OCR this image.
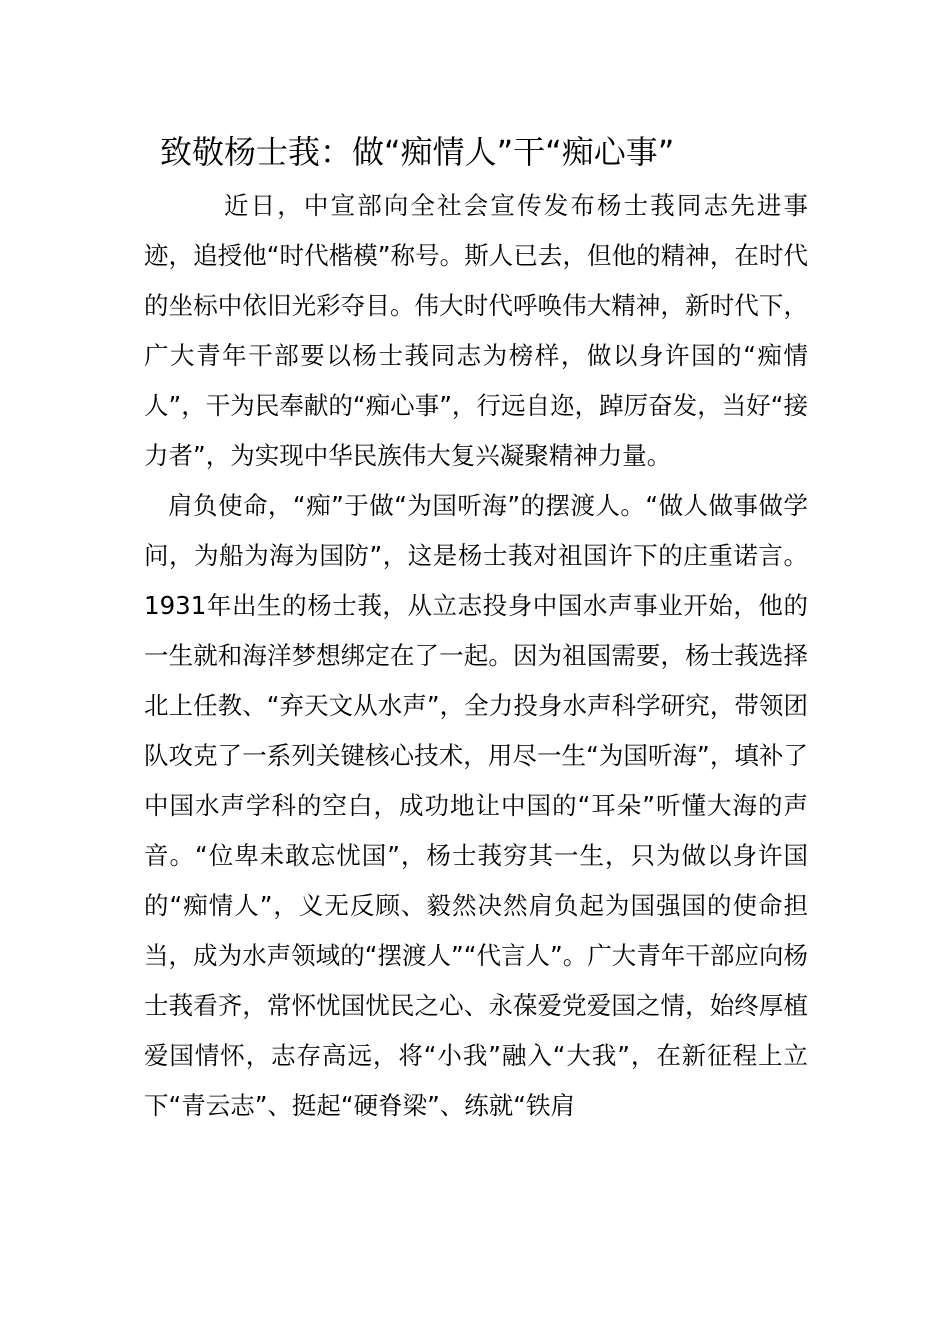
致敬杨士莪：做“痴情人”干“痴心事”

近日，中宣部向全社会宣传发布杨士莪同志先进事迹，追授他“时代楷模”称号。斯人已去，但他的精神，在时代的坐标中依旧光彩夺目。伟大时代呼唤伟大精神，新时代下，广大青年干部要以杨士莪同志为榜样，做以身许国的“痴情人”，干为民奉献的“痴心事”，行远自迩，踔厉奋发，当好“接力者”，为实现中华民族伟大复兴凝聚精神力量。

肩负使命，“痴”于做“为国听海”的摆渡人。“做人做事做学问，为船为海为国防”，这是杨士莪对祖国许下的庄重诺言。1931年出生的杨士莪，从立志投身中国水声事业开始，他的一生就和海洋梦想绑定在了一起。因为祖国需要，杨士莪选择北上任教、“弃天文从水声”，全力投身水声科学研究，带领团队攻克了一系列关键核心技术，用尽一生“为国听海”，填补了中国水声学科的空白，成功地让中国的“耳朵”听懂大海的声音。“位卑未敢忘忧国”，杨士莪穷其一生，只为做以身许国的“痴情人”，义无反顾、毅然决然肩负起为国强国的使命担当，成为水声领域的“摆渡人”“代言人”。广大青年干部应向杨士莪看齐，常怀忧国忧民之心、永葆爱党爱国之情，始终厚植爱国情怀，志存高远，将“小我”融入“大我”，在新征程上立下“青云志”、挺起“硬脊梁”、练就“铁肩
